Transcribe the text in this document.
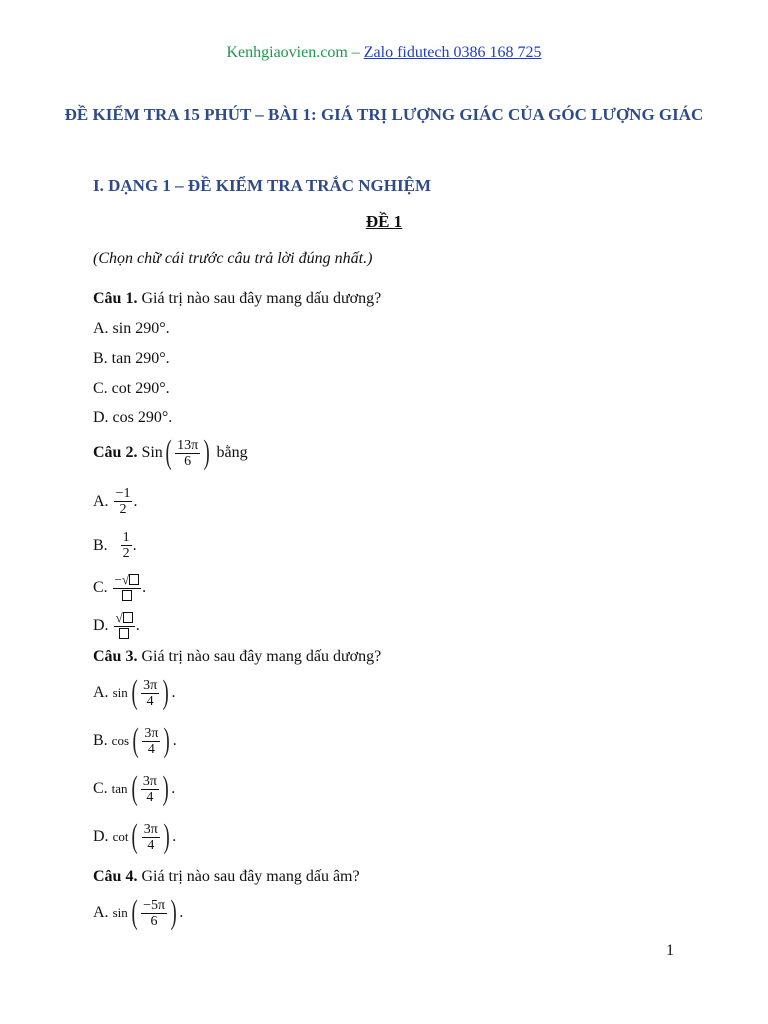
Kenhgiaovien.com – Zalo fidutech 0386 168 725
ĐỀ KIỂM TRA 15 PHÚT – BÀI 1: GIÁ TRỊ LƯỢNG GIÁC CỦA GÓC LƯỢNG GIÁC
I. DẠNG 1 – ĐỀ KIỂM TRA TRẮC NGHIỆM
ĐỀ 1
(Chọn chữ cái trước câu trả lời đúng nhất.)
Câu 1. Giá trị nào sau đây mang dấu dương?
A. sin 290°.
B. tan 290°.
C. cot 290°.
D. cos 290°.
Câu 2.
Sin ( $\frac{13\pi}{6}$ )
bằng
A.
$\frac{-1}{2}$ .
B.
$\frac{1}{2}$ .
C.
−√ .
D.
√ .
Câu 3. Giá trị nào sau đây mang dấu dương?
A.
sin ( $\frac{3\pi}{4}$ ) .
B.
cos ( $\frac{3\pi}{4}$ ) .
C.
tan ( $\frac{3\pi}{4}$ ) .
D.
cot ( $\frac{3\pi}{4}$ ) .
Câu 4. Giá trị nào sau đây mang dấu âm?
A.
sin ( $\frac{-5\pi}{6}$ ) .
1
